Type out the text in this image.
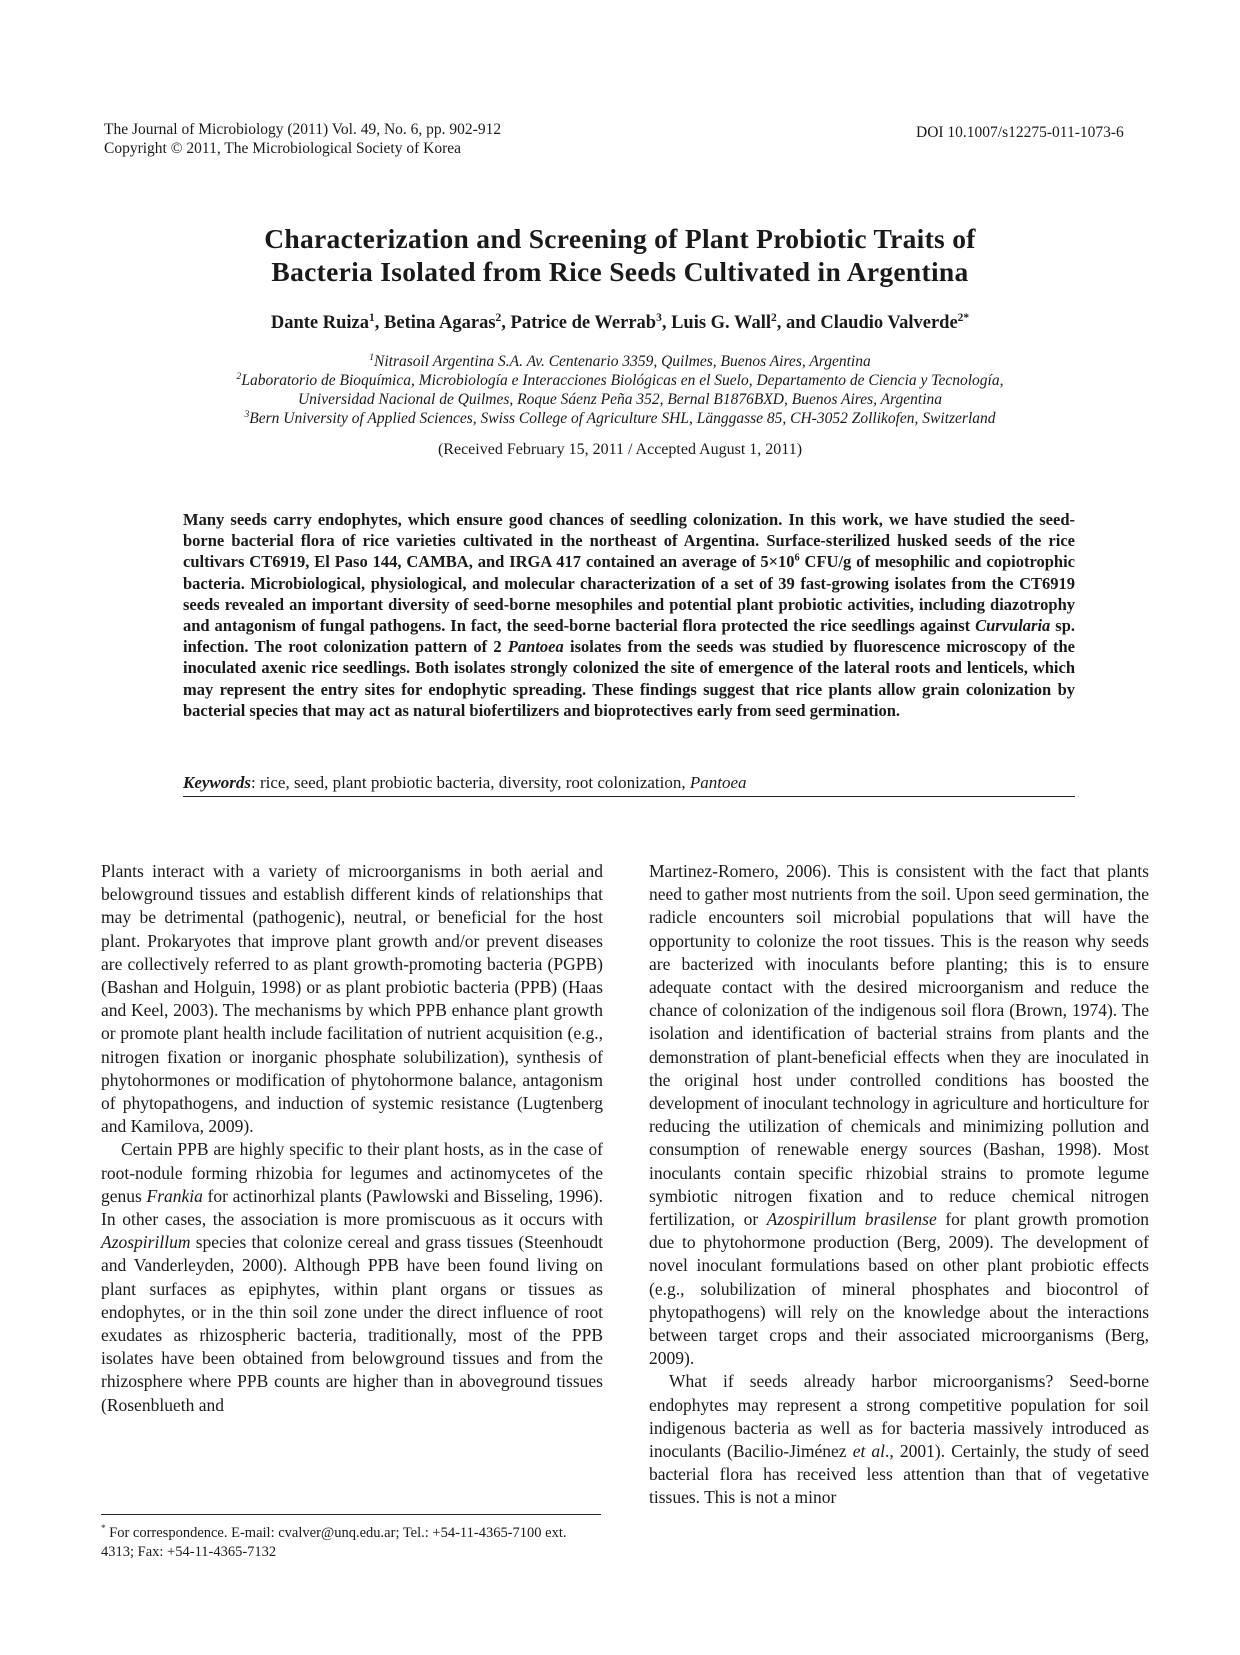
The Journal of Microbiology (2011) Vol. 49, No. 6, pp. 902-912
Copyright © 2011, The Microbiological Society of Korea
DOI 10.1007/s12275-011-1073-6
Characterization and Screening of Plant Probiotic Traits of
Bacteria Isolated from Rice Seeds Cultivated in Argentina
Dante Ruiza$^1$, Betina Agaras$^2$, Patrice de Werrab$^3$, Luis G. Wall$^2$, and Claudio Valverde$^{2*}$
$^1$Nitrasoil Argentina S.A. Av. Centenario 3359, Quilmes, Buenos Aires, Argentina
$^2$Laboratorio de Bioquímica, Microbiología e Interacciones Biológicas en el Suelo, Departamento de Ciencia y Tecnología,
Universidad Nacional de Quilmes, Roque Sáenz Peña 352, Bernal B1876BXD, Buenos Aires, Argentina
$^3$Bern University of Applied Sciences, Swiss College of Agriculture SHL, Länggasse 85, CH-3052 Zollikofen, Switzerland
(Received February 15, 2011 / Accepted August 1, 2011)
Many seeds carry endophytes, which ensure good chances of seedling colonization. In this work, we have studied the seed-borne bacterial flora of rice varieties cultivated in the northeast of Argentina. Surface-sterilized husked seeds of the rice cultivars CT6919, El Paso 144, CAMBA, and IRGA 417 contained an average of $5\times 10^6$ CFU/g of mesophilic and copiotrophic bacteria. Microbiological, physiological, and molecular characterization of a set of 39 fast-growing isolates from the CT6919 seeds revealed an important diversity of seed-borne mesophiles and potential plant probiotic activities, including diazotrophy and antagonism of fungal pathogens. In fact, the seed-borne bacterial flora protected the rice seedlings against Curvularia sp. infection. The root colonization pattern of 2 Pantoea isolates from the seeds was studied by fluorescence microscopy of the inoculated axenic rice seedlings. Both isolates strongly colonized the site of emergence of the lateral roots and lenticels, which may represent the entry sites for endophytic spreading. These findings suggest that rice plants allow grain colonization by bacterial species that may act as natural biofertilizers and bioprotectives early from seed germination.
Keywords: rice, seed, plant probiotic bacteria, diversity, root colonization, Pantoea

Plants interact with a variety of microorganisms in both aerial and belowground tissues and establish different kinds of relationships that may be detrimental (pathogenic), neutral, or beneficial for the host plant. Prokaryotes that improve plant growth and/or prevent diseases are collectively referred to as plant growth-promoting bacteria (PGPB) (Bashan and Holguin, 1998) or as plant probiotic bacteria (PPB) (Haas and Keel, 2003). The mechanisms by which PPB enhance plant growth or promote plant health include facilitation of nutrient acquisition (e.g., nitrogen fixation or inorganic phosphate solubilization), synthesis of phytohormones or modification of phytohormone balance, antagonism of phytopathogens, and induction of systemic resistance (Lugtenberg and Kamilova, 2009).

Certain PPB are highly specific to their plant hosts, as in the case of root-nodule forming rhizobia for legumes and actinomycetes of the genus Frankia for actinorhizal plants (Pawlowski and Bisseling, 1996). In other cases, the association is more promiscuous as it occurs with Azospirillum species that colonize cereal and grass tissues (Steenhoudt and Vanderleyden, 2000). Although PPB have been found living on plant surfaces as epiphytes, within plant organs or tissues as endophytes, or in the thin soil zone under the direct influence of root exudates as rhizospheric bacteria, traditionally, most of the PPB isolates have been obtained from belowground tissues and from the rhizosphere where PPB counts are higher than in aboveground tissues (Rosenblueth and

Martinez-Romero, 2006). This is consistent with the fact that plants need to gather most nutrients from the soil. Upon seed germination, the radicle encounters soil microbial populations that will have the opportunity to colonize the root tissues. This is the reason why seeds are bacterized with inoculants before planting; this is to ensure adequate contact with the desired microorganism and reduce the chance of colonization of the indigenous soil flora (Brown, 1974). The isolation and identification of bacterial strains from plants and the demonstration of plant-beneficial effects when they are inoculated in the original host under controlled conditions has boosted the development of inoculant technology in agriculture and horticulture for reducing the utilization of chemicals and minimizing pollution and consumption of renewable energy sources (Bashan, 1998). Most inoculants contain specific rhizobial strains to promote legume symbiotic nitrogen fixation and to reduce chemical nitrogen fertilization, or Azospirillum brasilense for plant growth promotion due to phytohormone production (Berg, 2009). The development of novel inoculant formulations based on other plant probiotic effects (e.g., solubilization of mineral phosphates and biocontrol of phytopathogens) will rely on the knowledge about the interactions between target crops and their associated microorganisms (Berg, 2009).

What if seeds already harbor microorganisms? Seed-borne endophytes may represent a strong competitive population for soil indigenous bacteria as well as for bacteria massively introduced as inoculants (Bacilio-Jiménez et al., 2001). Certainly, the study of seed bacterial flora has received less attention than that of vegetative tissues. This is not a minor

* For correspondence. E-mail: cvalver@unq.edu.ar; Tel.: +54-11-4365-7100 ext. 4313; Fax: +54-11-4365-7132
